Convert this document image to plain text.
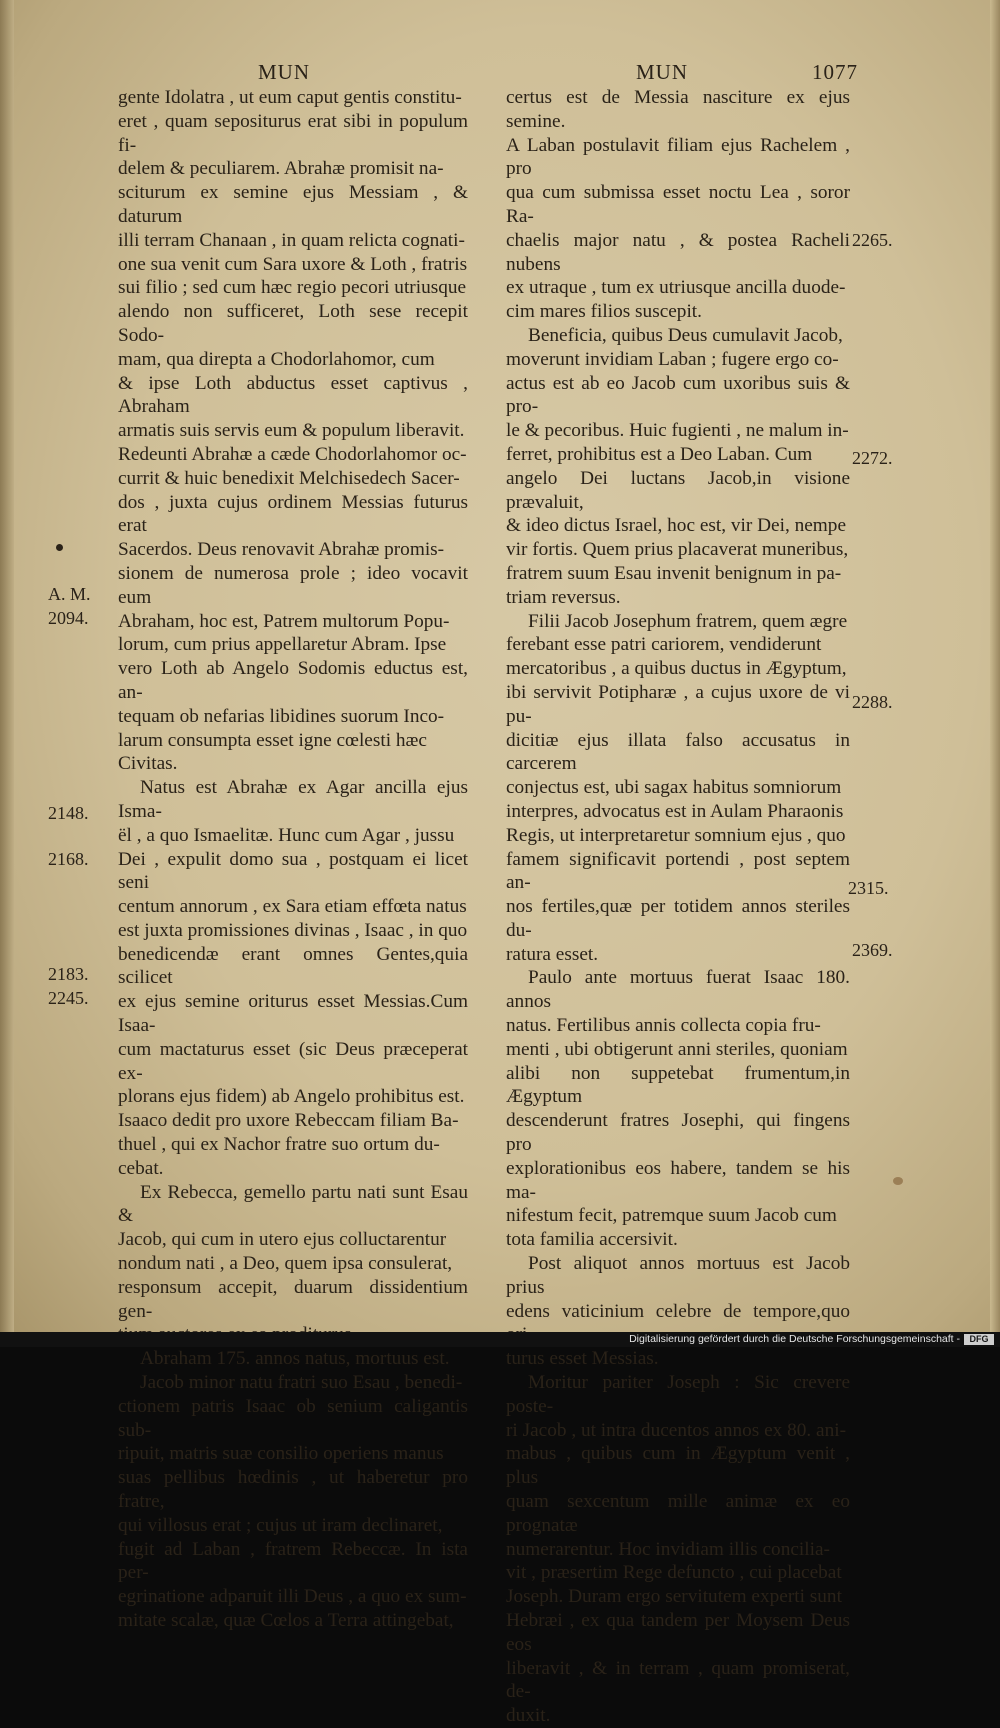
MUN	MUN	1077

gente Idolatra , ut eum caput gentis constitu-
eret , quam sepositurus erat sibi in populum fi-
delem & peculiarem. Abrahæ promisit na-
sciturum ex semine ejus Messiam , & daturum
illi terram Chanaan , in quam relicta cognati-
one sua venit cum Sara uxore & Loth , fratris
sui filio ; sed cum hæc regio pecori utriusque
alendo non sufficeret, Loth sese recepit Sodo-
mam, qua direpta a Chodorlahomor, cum
& ipse Loth abductus esset captivus , Abraham
armatis suis servis eum & populum liberavit.
Redeunti Abrahæ a cæde Chodorlahomor oc-
currit & huic benedixit Melchisedech Sacer-
dos , juxta cujus ordinem Messias futurus erat
Sacerdos. Deus renovavit Abrahæ promis-
sionem de numerosa prole ; ideo vocavit eum
Abraham, hoc est, Patrem multorum Popu-
lorum, cum prius appellaretur Abram. Ipse
vero Loth ab Angelo Sodomis eductus est, an-
tequam ob nefarias libidines suorum Inco-
larum consumpta esset igne cœlesti hæc
Civitas.

Natus est Abrahæ ex Agar ancilla ejus Isma-
ël , a quo Ismaelitæ. Hunc cum Agar , jussu
Dei , expulit domo sua , postquam ei licet seni
centum annorum , ex Sara etiam effœta natus
est juxta promissiones divinas , Isaac , in quo
benedicendæ erant omnes Gentes,quia scilicet
ex ejus semine oriturus esset Messias.Cum Isaa-
cum mactaturus esset (sic Deus præceperat ex-
plorans ejus fidem) ab Angelo prohibitus est.
Isaaco dedit pro uxore Rebeccam filiam Ba-
thuel , qui ex Nachor fratre suo ortum du-
cebat.

Ex Rebecca, gemello partu nati sunt Esau &
Jacob, qui cum in utero ejus colluctarentur
nondum nati , a Deo, quem ipsa consulerat,
responsum accepit, duarum dissidentium gen-

Abraham 175. annos natus, mortuus est.

Jacob minor natu fratri suo Esau , benedi-
ctionem patris Isaac ob senium caligantis sub-
ripuit, matris suæ consilio operiens manus
suas pellibus hœdinis , ut haberetur pro fratre,
qui villosus erat ; cujus ut iram declinaret,
fugit ad Laban , fratrem Rebeccæ. In ista per-
egrinatione adparuit illi Deus , a quo ex sum-
mitate scalæ, quæ Cœlos a Terra attingebat,

certus est de Messia nasciture ex ejus semine.
A Laban postulavit filiam ejus Rachelem , pro
qua cum submissa esset noctu Lea , soror Ra-
chaelis major natu , & postea Racheli nubens
ex utraque , tum ex utriusque ancilla duode-
cim mares filios suscepit.

Beneficia, quibus Deus cumulavit Jacob,
moverunt invidiam Laban ; fugere ergo co-
actus est ab eo Jacob cum uxoribus suis & pro-
le & pecoribus. Huic fugienti , ne malum in-
ferret, prohibitus est a Deo Laban. Cum
angelo Dei luctans Jacob,in visione prævaluit,
& ideo dictus Israel, hoc est, vir Dei, nempe
vir fortis. Quem prius placaverat muneribus,
fratrem suum Esau invenit benignum in pa-
triam reversus.

Filii Jacob Josephum fratrem, quem ægre
ferebant esse patri cariorem, vendiderunt
mercatoribus , a quibus ductus in Ægyptum,
ibi servivit Potipharæ , a cujus uxore de vi pu-
dicitiæ ejus illata falso accusatus in carcerem
conjectus est, ubi sagax habitus somniorum
interpres, advocatus est in Aulam Pharaonis
Regis, ut interpretaretur somnium ejus , quo
famem significavit portendi , post septem an-
nos fertiles,quæ per totidem annos steriles du-
ratura esset.

Paulo ante mortuus fuerat Isaac 180. annos
natus. Fertilibus annis collecta copia fru-
menti , ubi obtigerunt anni steriles, quoniam
alibi non suppetebat frumentum,in Ægyptum
descenderunt fratres Josephi, qui fingens pro
explorationibus eos habere, tandem se his ma-
nifestum fecit, patremque suum Jacob cum
tota familia accersivit.

Post aliquot annos mortuus est Jacob prius
edens vaticinium celebre de tempore,quo
turus esset Messias.

Moritur pariter Joseph : Sic crevere poste-
ri Jacob , ut intra ducentos annos ex 80. ani-
mabus , quibus cum in Ægyptum venit , plus
quam sexcentum mille animæ ex eo prognatæ
numerarentur. Hoc invidiam illis concilia-
vit , præsertim Rege defuncto , cui placebat
Joseph. Duram ergo servitutem experti sunt
Hebræi , ex qua tandem per Moysem Deus eos
liberavit , & in terram , quam promiserat, de-
duxit.

A. M.
2094.
2148.
2168.
2183.
2245.
2265.
2272.
2288.
2315.
2369.
Digitalisierung gefördert durch die Deutsche Forschungsgemeinschaft -	DFG
